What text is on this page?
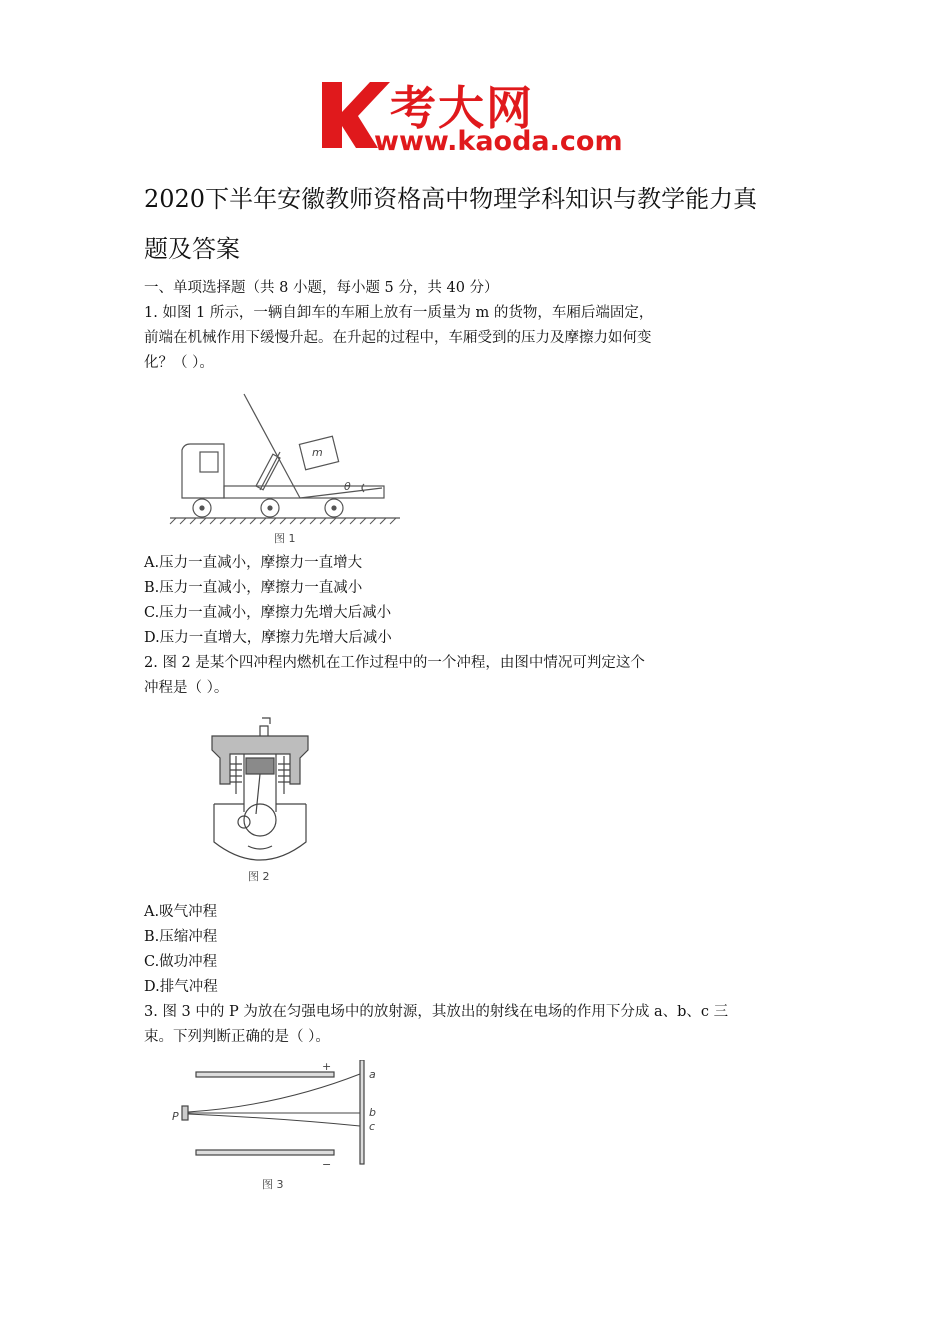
考大网
www.kaoda.com
2020下半年安徽教师资格高中物理学科知识与教学能力真
题及答案
一、单项选择题（共 8 小题，每小题 5 分，共 40 分）
1. 如图 1 所示，一辆自卸车的车厢上放有一质量为 m 的货物，车厢后端固定，
前端在机械作用下缓慢升起。在升起的过程中，车厢受到的压力及摩擦力如何变
化？（ ）。
m
θ
图 1
A.压力一直减小，摩擦力一直增大
B.压力一直减小，摩擦力一直减小
C.压力一直减小，摩擦力先增大后减小
D.压力一直增大，摩擦力先增大后减小
2. 图 2 是某个四冲程内燃机在工作过程中的一个冲程，由图中情况可判定这个
冲程是（ ）。
图 2
A.吸气冲程
B.压缩冲程
C.做功冲程
D.排气冲程
3. 图 3 中的 P 为放在匀强电场中的放射源，其放出的射线在电场的作用下分成 a、b、c 三
束。下列判断正确的是（ ）。
+
−
P
a
b
c
图 3
